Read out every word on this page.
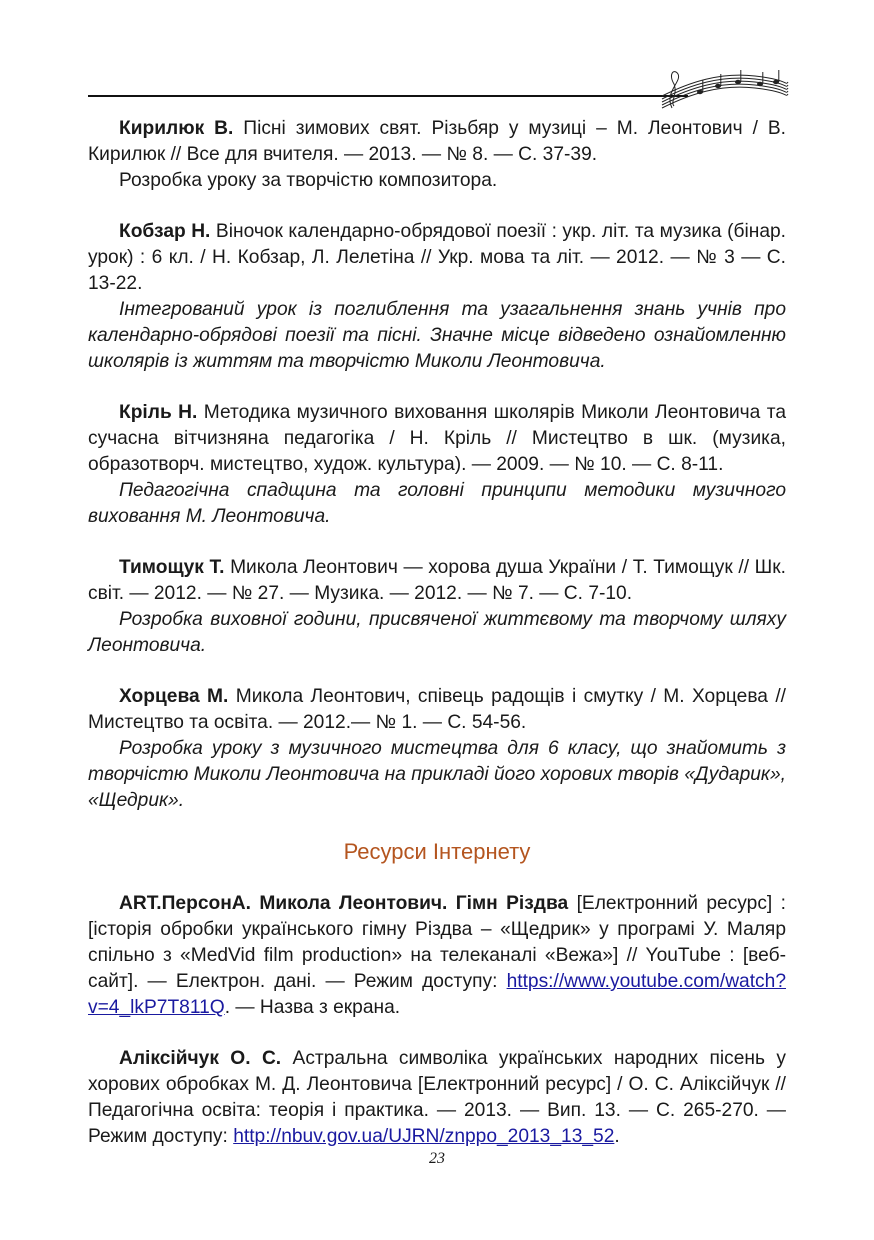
Кирилюк В. Пісні зимових свят. Різьбяр у музиці – М. Леонтович / В. Кирилюк // Все для вчителя. — 2013. — № 8. — С. 37-39.

Розробка уроку за творчістю композитора.

Кобзар Н. Віночок календарно-обрядової поезії : укр. літ. та музика (бінар. урок) : 6 кл. / Н. Кобзар, Л. Лелетіна // Укр. мова та літ. — 2012. — № 3 — С. 13-22.

Інтегрований урок із поглиблення та узагальнення знань учнів про календарно-обрядові поезії та пісні. Значне місце відведено ознайомленню школярів із життям та творчістю Миколи Леонтовича.

Кріль Н. Методика музичного виховання школярів Миколи Леонтовича та сучасна вітчизняна педагогіка / Н. Кріль // Мистецтво в шк. (музика, образотворч. мистецтво, худож. культура). — 2009. — № 10. — С. 8-11.

Педагогічна спадщина та головні принципи методики музичного виховання М. Леонтовича.

Тимощук Т. Микола Леонтович — хорова душа України / Т. Тимощук // Шк. світ. — 2012. — № 27. — Музика. — 2012. — № 7. — С. 7-10.

Розробка виховної години, присвяченої життєвому та творчому шляху Леонтовича.

Хорцева М. Микола Леонтович, співець радощів і смутку / М. Хорцева // Мистецтво та освіта. — 2012.— № 1. — С. 54-56.

Розробка уроку з музичного мистецтва для 6 класу, що знайомить з творчістю Миколи Леонтовича на прикладі його хорових творів «Дударик», «Щедрик».

Ресурси Інтернету

ART.ПерсонА. Микола Леонтович. Гімн Різдва [Електронний ресурс] : [історія обробки українського гімну Різдва – «Щедрик» у програмі У. Маляр спільно з «MedVid film production» на телеканалі «Вежа»] // YouTube : [веб-сайт]. — Електрон. дані. — Режим доступу: https://www.youtube.com/watch?v=4_lkP7T811Q. — Назва з екрана.

Аліксійчук О. С. Астральна символіка українських народних пісень у хорових обробках М. Д. Леонтовича [Електронний ресурс] / О. С. Аліксійчук // Педагогічна освіта: теорія і практика. — 2013. — Вип. 13. — С. 265-270. — Режим доступу: http://nbuv.gov.ua/UJRN/znppo_2013_13_52.

23
